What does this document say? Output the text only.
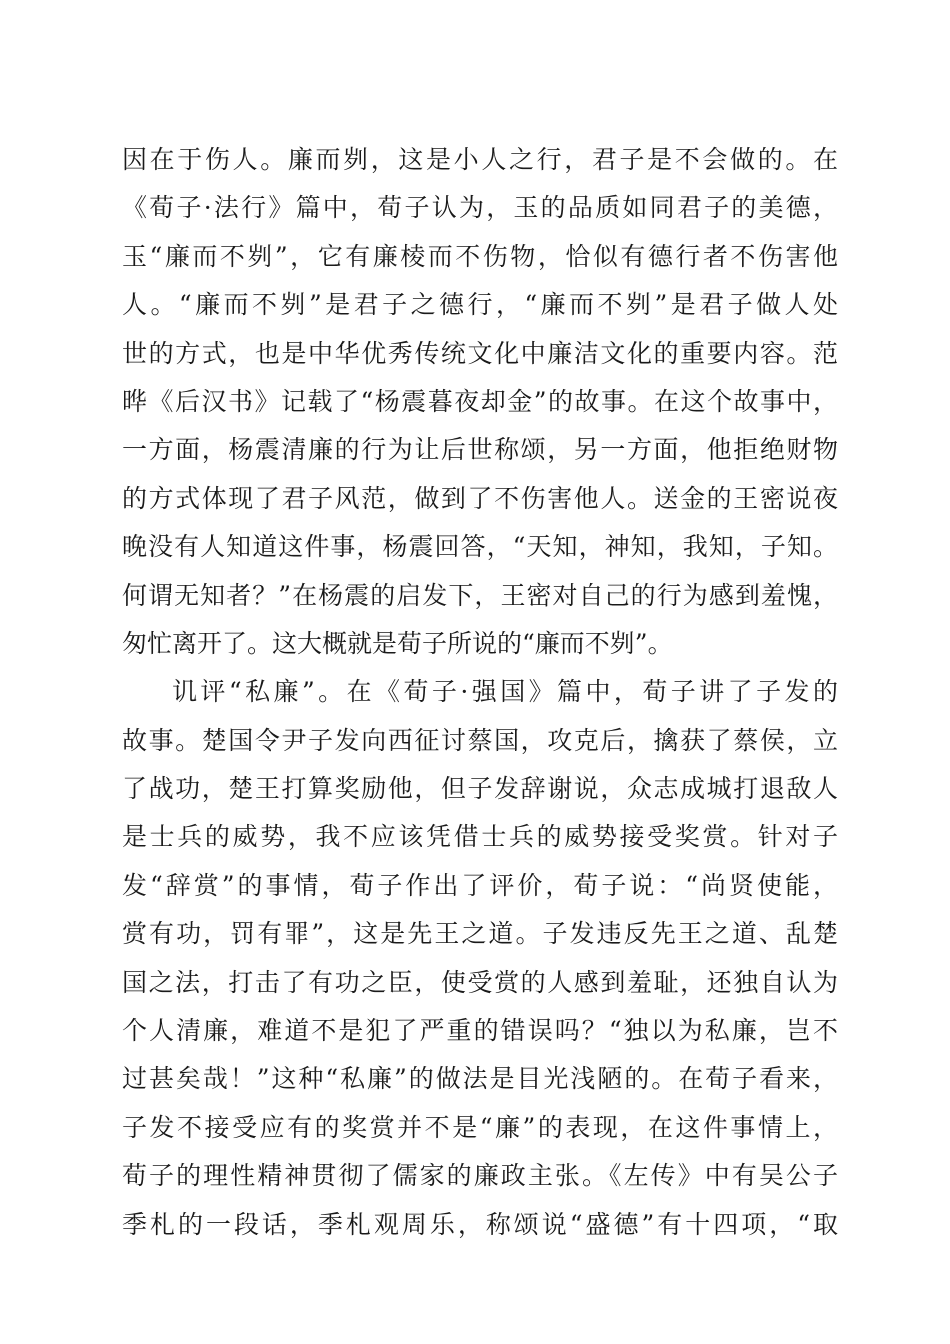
因在于伤人。廉而刿，这是小人之行，君子是不会做的。在
《荀子·法行》篇中，荀子认为，玉的品质如同君子的美德，
玉“廉而不刿”，它有廉棱而不伤物，恰似有德行者不伤害他
人。“廉而不刿”是君子之德行，“廉而不刿”是君子做人处
世的方式，也是中华优秀传统文化中廉洁文化的重要内容。范
晔《后汉书》记载了“杨震暮夜却金”的故事。在这个故事中，
一方面，杨震清廉的行为让后世称颂，另一方面，他拒绝财物
的方式体现了君子风范，做到了不伤害他人。送金的王密说夜
晚没有人知道这件事，杨震回答，“天知，神知，我知，子知。
何谓无知者？”在杨震的启发下，王密对自己的行为感到羞愧，
匆忙离开了。这大概就是荀子所说的“廉而不刿”。
讥评“私廉”。在《荀子·强国》篇中，荀子讲了子发的
故事。楚国令尹子发向西征讨蔡国，攻克后，擒获了蔡侯，立
了战功，楚王打算奖励他，但子发辞谢说，众志成城打退敌人
是士兵的威势，我不应该凭借士兵的威势接受奖赏。针对子
发“辞赏”的事情，荀子作出了评价，荀子说：“尚贤使能，
赏有功，罚有罪”，这是先王之道。子发违反先王之道、乱楚
国之法，打击了有功之臣，使受赏的人感到羞耻，还独自认为
个人清廉，难道不是犯了严重的错误吗？“独以为私廉，岂不
过甚矣哉！”这种“私廉”的做法是目光浅陋的。在荀子看来，
子发不接受应有的奖赏并不是“廉”的表现，在这件事情上，
荀子的理性精神贯彻了儒家的廉政主张。《左传》中有吴公子
季札的一段话，季札观周乐，称颂说“盛德”有十四项，“取
